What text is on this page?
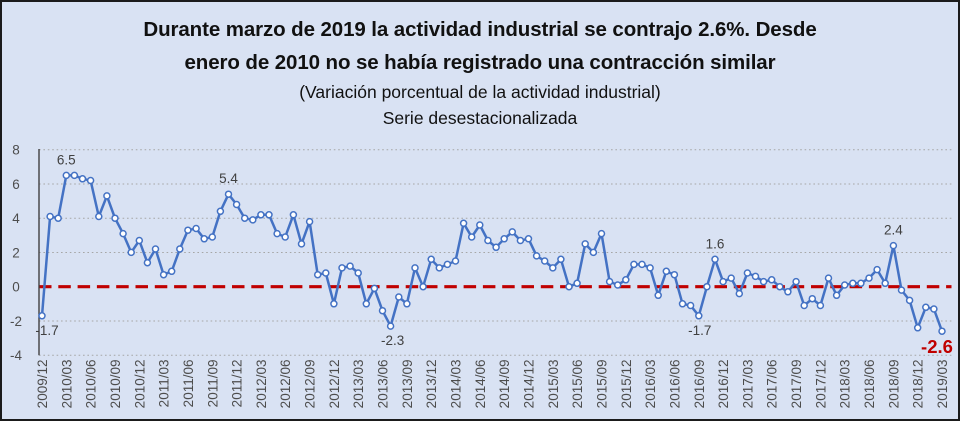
Durante marzo de 2019 la actividad industrial se contrajo 2.6%. Desde
enero de 2010 no se había registrado una contracción similar
(Variación porcentual de la actividad industrial)
Serie desestacionalizada
8
6
4
2
0
-2
-4
2009/12 2010/03 2010/06 2010/09 2010/12 2011/03 2011/06 2011/09 2011/12 2012/03 2012/06 2012/09 2012/12 2013/03 2013/06 2013/09 2013/12 2014/03 2014/06 2014/09 2014/12 2015/03 2015/06 2015/09 2015/12 2016/03 2016/06 2016/09 2016/12 2017/03 2017/06 2017/09 2017/12 2018/03 2018/06 2018/09 2018/12 2019/03
-1.7
6.5
5.4
-2.3
-1.7
1.6
2.4
-2.6
